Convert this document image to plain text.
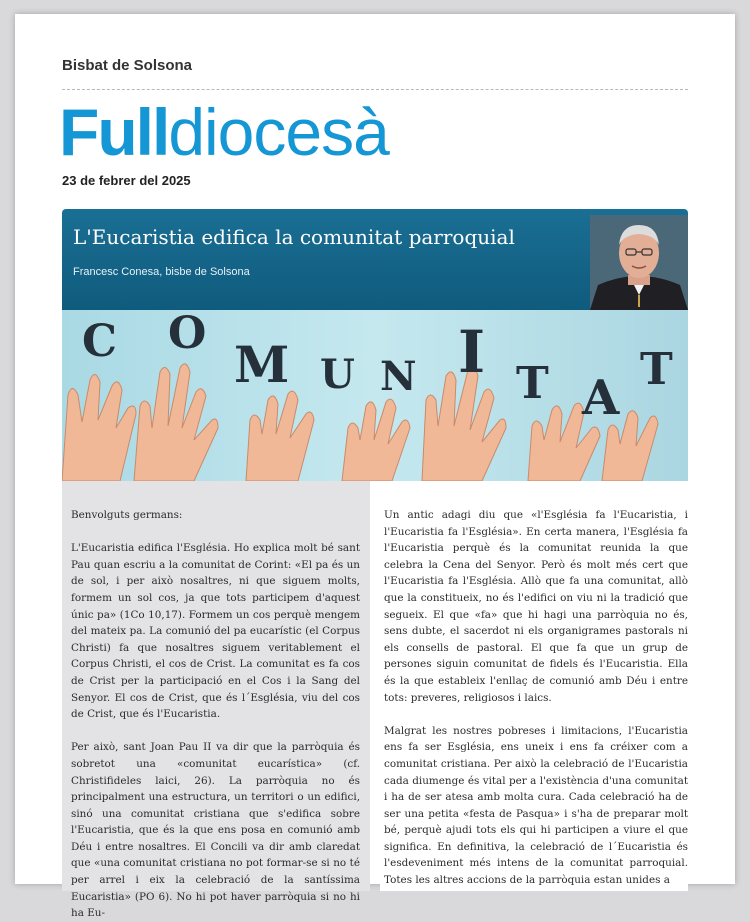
Bisbat de Solsona
Fulldiocesà
23 de febrer del 2025
L'Eucaristia edifica la comunitat parroquial
Francesc Conesa, bisbe de Solsona
C O
M U N I T A
T

Benvolguts germans:

L'Eucaristia edifica l'Església. Ho explica molt bé sant Pau quan escriu a la comunitat de Corint: «El pa és un de sol, i per això nosaltres, ni que siguem molts, formem un sol cos, ja que tots participem d'aquest únic pa» (1Co 10,17). Formem un cos perquè mengem del mateix pa. La comunió del pa eucarístic (el Corpus Christi) fa que nosaltres siguem veritablement el Corpus Christi, el cos de Crist. La comunitat es fa cos de Crist per la participació en el Cos i la Sang del Senyor. El cos de Crist, que és l´Església, viu del cos de Crist, que és l'Eucaristia.

Per això, sant Joan Pau II va dir que la parròquia és sobretot una «comunitat eucarística» (cf. Christifideles laici, 26). La parròquia no és principalment una estructura, un territori o un edifici, sinó una comunitat cristiana que s'edifica sobre l'Eucaristia, que és la que ens posa en comunió amb Déu i entre nosaltres. El Concili va dir amb claredat que «una comunitat cristiana no pot formar-se si no té per arrel i eix la celebració de la santíssima Eucaristia» (PO 6). No hi pot haver parròquia si no hi ha Eu-

Un antic adagi diu que «l'Església fa l'Eucaristia, i l'Eucaristia fa l'Església». En certa manera, l'Església fa l'Eucaristia perquè és la comunitat reunida la que celebra la Cena del Senyor. Però és molt més cert que l'Eucaristia fa l'Església. Allò que fa una comunitat, allò que la constitueix, no és l'edifici on viu ni la tradició que segueix. El que «fa» que hi hagi una parròquia no és, sens dubte, el sacerdot ni els organigrames pastorals ni els consells de pastoral. El que fa que un grup de persones siguin comunitat de fidels és l'Eucaristia. Ella és la que estableix l'enllaç de comunió amb Déu i entre tots: preveres, religiosos i laics.

Malgrat les nostres pobreses i limitacions, l'Eucaristia ens fa ser Església, ens uneix i ens fa créixer com a comunitat cristiana. Per això la celebració de l'Eucaristia cada diumenge és vital per a l'existència d'una comunitat i ha de ser atesa amb molta cura. Cada celebració ha de ser una petita «festa de Pasqua» i s'ha de preparar molt bé, perquè ajudi tots els qui hi participen a viure el que significa. En definitiva, la celebració de l´Eucaristia és l'esdeveniment més intens de la comunitat parroquial. Totes les altres accions de la parròquia estan unides a
